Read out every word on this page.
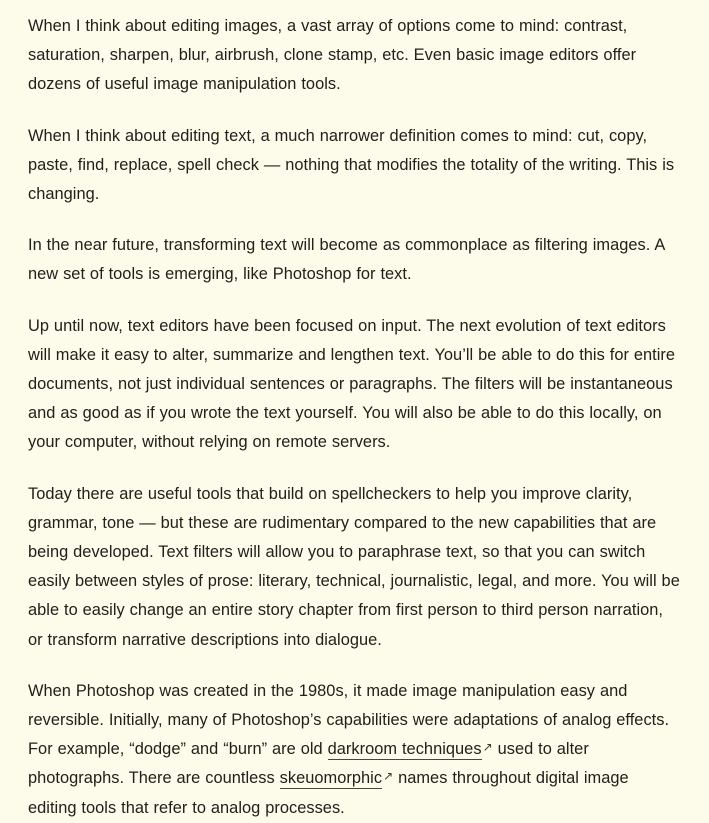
When I think about editing images, a vast array of options come to mind: contrast, saturation, sharpen, blur, airbrush, clone stamp, etc. Even basic image editors offer dozens of useful image manipulation tools.

When I think about editing text, a much narrower definition comes to mind: cut, copy, paste, find, replace, spell check — nothing that modifies the totality of the writing. This is changing.

In the near future, transforming text will become as commonplace as filtering images. A new set of tools is emerging, like Photoshop for text.

Up until now, text editors have been focused on input. The next evolution of text editors will make it easy to alter, summarize and lengthen text. You’ll be able to do this for entire documents, not just individual sentences or paragraphs. The filters will be instantaneous and as good as if you wrote the text yourself. You will also be able to do this locally, on your computer, without relying on remote servers.

Today there are useful tools that build on spellcheckers to help you improve clarity, grammar, tone — but these are rudimentary compared to the new capabilities that are being developed. Text filters will allow you to paraphrase text, so that you can switch easily between styles of prose: literary, technical, journalistic, legal, and more. You will be able to easily change an entire story chapter from first person to third person narration, or transform narrative descriptions into dialogue.

When Photoshop was created in the 1980s, it made image manipulation easy and reversible. Initially, many of Photoshop’s capabilities were adaptations of analog effects. For example, “dodge” and “burn” are old darkroom techniques↗ used to alter photographs. There are countless skeuomorphic↗ names throughout digital image editing tools that refer to analog processes.
